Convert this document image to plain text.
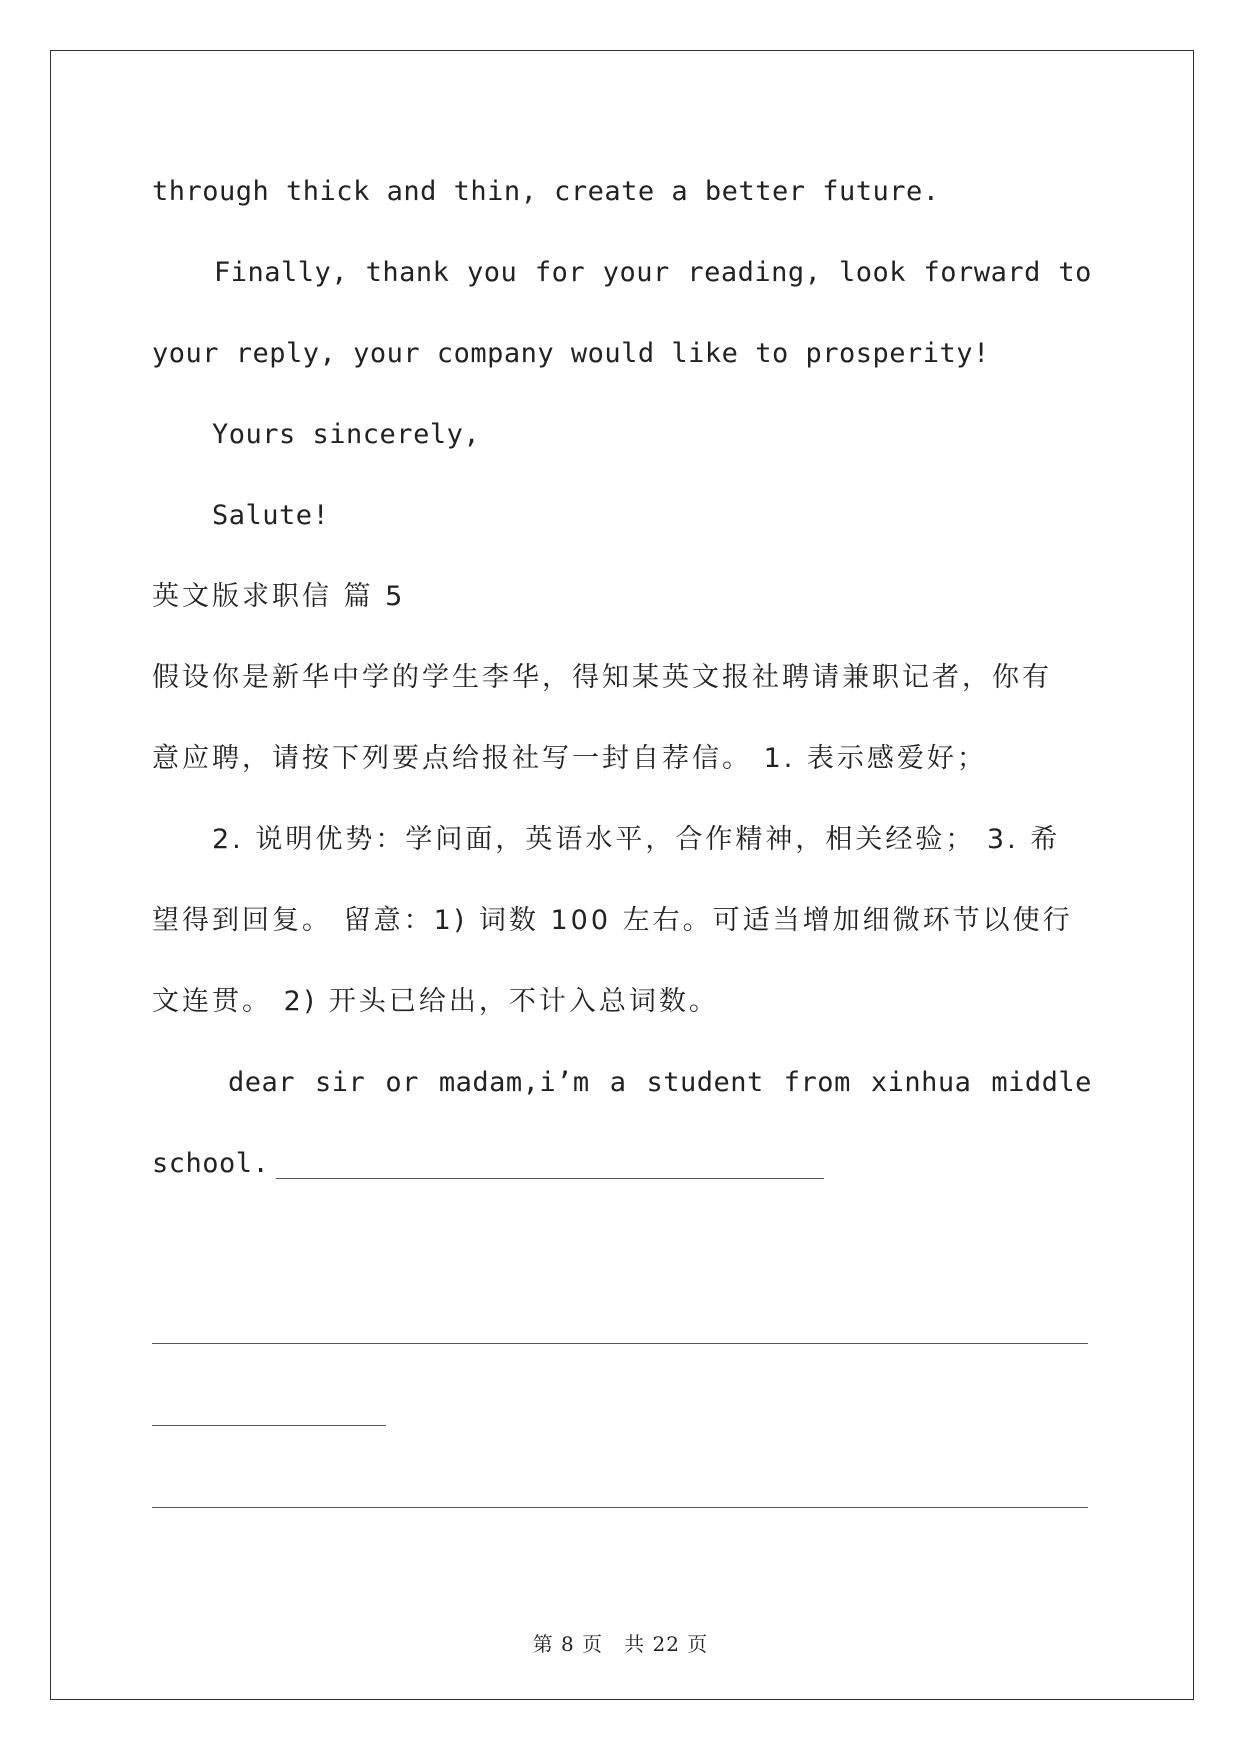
through thick and thin, create a better future.
Finally, thank you for your reading, look forward to
your reply, your company would like to prosperity!
Yours sincerely,
Salute!
英文版求职信 篇 5
假设你是新华中学的学生李华，得知某英文报社聘请兼职记者，你有
意应聘，请按下列要点给报社写一封自荐信。 1. 表示感爱好；
2. 说明优势：学问面，英语水平，合作精神，相关经验； 3. 希
望得到回复。 留意：1) 词数 100 左右。可适当增加细微环节以使行
文连贯。 2) 开头已给出，不计入总词数。
dear sir or madam,i’m a student from xinhua middle
school.
第 8 页　共 22 页
